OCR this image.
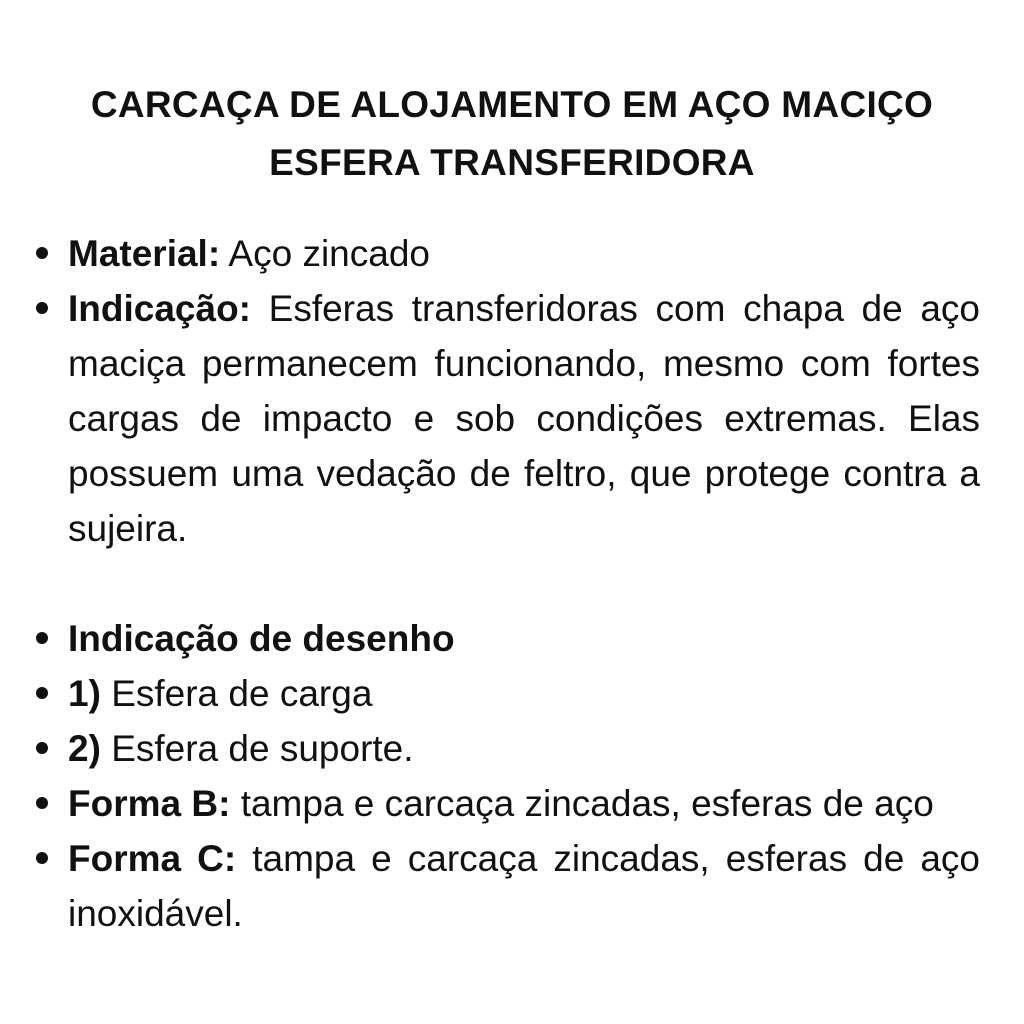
CARCAÇA DE ALOJAMENTO EM AÇO MACIÇO
ESFERA TRANSFERIDORA
Material: Aço zincado
Indicação: Esferas transferidoras com chapa de aço maciça permanecem funcionando, mesmo com fortes cargas de impacto e sob condições extremas. Elas possuem uma vedação de feltro, que protege contra a sujeira.
Indicação de desenho
1) Esfera de carga
2) Esfera de suporte.
Forma B: tampa e carcaça zincadas, esferas de aço
Forma C: tampa e carcaça zincadas, esferas de aço inoxidável.
